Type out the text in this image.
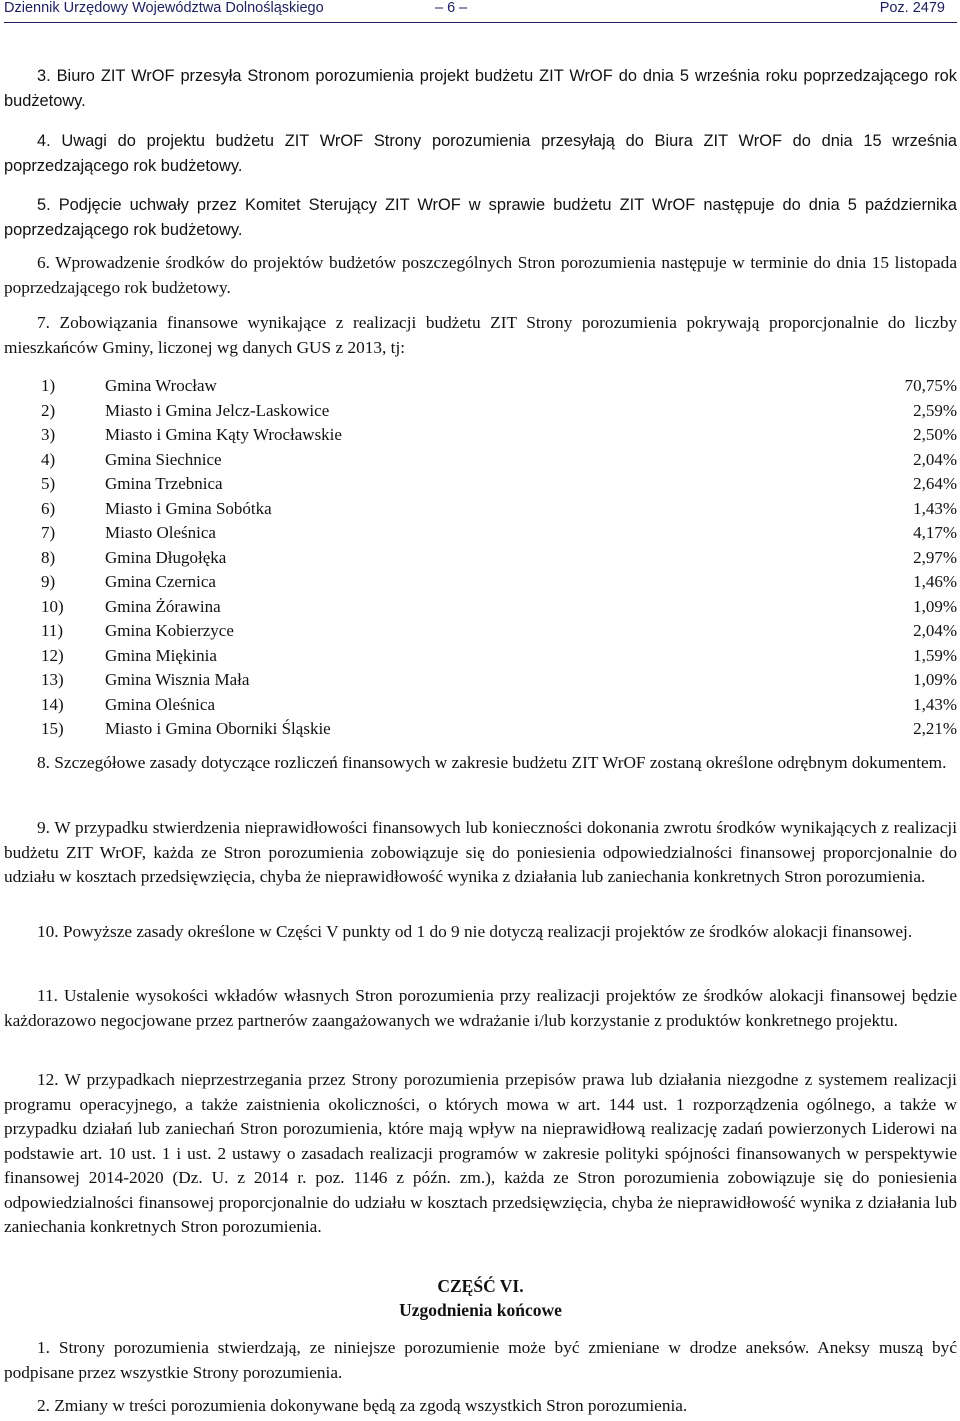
Dziennik Urzędowy Województwa Dolnośląskiego	– 6 –	Poz. 2479
3. Biuro ZIT WrOF przesyła Stronom porozumienia projekt budżetu ZIT WrOF do dnia 5 września roku poprzedzającego rok budżetowy.
4. Uwagi do projektu budżetu ZIT WrOF Strony porozumienia przesyłają do Biura ZIT WrOF do dnia 15 września poprzedzającego rok budżetowy.
5. Podjęcie uchwały przez Komitet Sterujący ZIT WrOF w sprawie budżetu ZIT WrOF następuje do dnia 5 października poprzedzającego rok budżetowy.
6. Wprowadzenie środków do projektów budżetów poszczególnych Stron porozumienia następuje w terminie do dnia 15 listopada poprzedzającego rok budżetowy.
7. Zobowiązania finansowe wynikające z realizacji budżetu ZIT Strony porozumienia pokrywają proporcjonalnie do liczby mieszkańców Gminy, liczonej wg danych GUS z 2013, tj:
1)	Gmina Wrocław	70,75%
2)	Miasto i Gmina Jelcz-Laskowice	2,59%
3)	Miasto i Gmina Kąty Wrocławskie	2,50%
4)	Gmina Siechnice	2,04%
5)	Gmina Trzebnica	2,64%
6)	Miasto i Gmina Sobótka	1,43%
7)	Miasto Oleśnica	4,17%
8)	Gmina Długołęka	2,97%
9)	Gmina Czernica	1,46%
10) Gmina Żórawina	1,09%
11) Gmina Kobierzyce	2,04%
12) Gmina Miękinia	1,59%
13) Gmina Wisznia Mała	1,09%
14) Gmina Oleśnica	1,43%
15) Miasto i Gmina Oborniki Śląskie	2,21%
8. Szczegółowe zasady dotyczące rozliczeń finansowych w zakresie budżetu ZIT WrOF zostaną określone odrębnym dokumentem.
9. W przypadku stwierdzenia nieprawidłowości finansowych lub konieczności dokonania zwrotu środków wynikających z realizacji budżetu ZIT WrOF, każda ze Stron porozumienia zobowiązuje się do poniesienia odpowiedzialności finansowej proporcjonalnie do udziału w kosztach przedsięwzięcia, chyba że nieprawidłowość wynika z działania lub zaniechania konkretnych Stron porozumienia.
10. Powyższe zasady określone w Części V punkty od 1 do 9 nie dotyczą realizacji projektów ze środków alokacji finansowej.
11. Ustalenie wysokości wkładów własnych Stron porozumienia przy realizacji projektów ze środków alokacji finansowej będzie każdorazowo negocjowane przez partnerów zaangażowanych we wdrażanie i/lub korzystanie z produktów konkretnego projektu.
12. W przypadkach nieprzestrzegania przez Strony porozumienia przepisów prawa lub działania niezgodne z systemem realizacji programu operacyjnego, a także zaistnienia okoliczności, o których mowa w art. 144 ust. 1 rozporządzenia ogólnego, a także w przypadku działań lub zaniechań Stron porozumienia, które mają wpływ na nieprawidłową realizację zadań powierzonych Liderowi na podstawie art. 10 ust. 1 i ust. 2 ustawy o zasadach realizacji programów w zakresie polityki spójności finansowanych w perspektywie finansowej 2014-2020 (Dz. U. z 2014 r. poz. 1146 z późn. zm.), każda ze Stron porozumienia zobowiązuje się do poniesienia odpowiedzialności finansowej proporcjonalnie do udziału w kosztach przedsięwzięcia, chyba że nieprawidłowość wynika z działania lub zaniechania konkretnych Stron porozumienia.
CZĘŚĆ VI.
Uzgodnienia końcowe
1. Strony porozumienia stwierdzają, ze niniejsze porozumienie może być zmieniane w drodze aneksów. Aneksy muszą być podpisane przez wszystkie Strony porozumienia.
2. Zmiany w treści porozumienia dokonywane będą za zgodą wszystkich Stron porozumienia.
